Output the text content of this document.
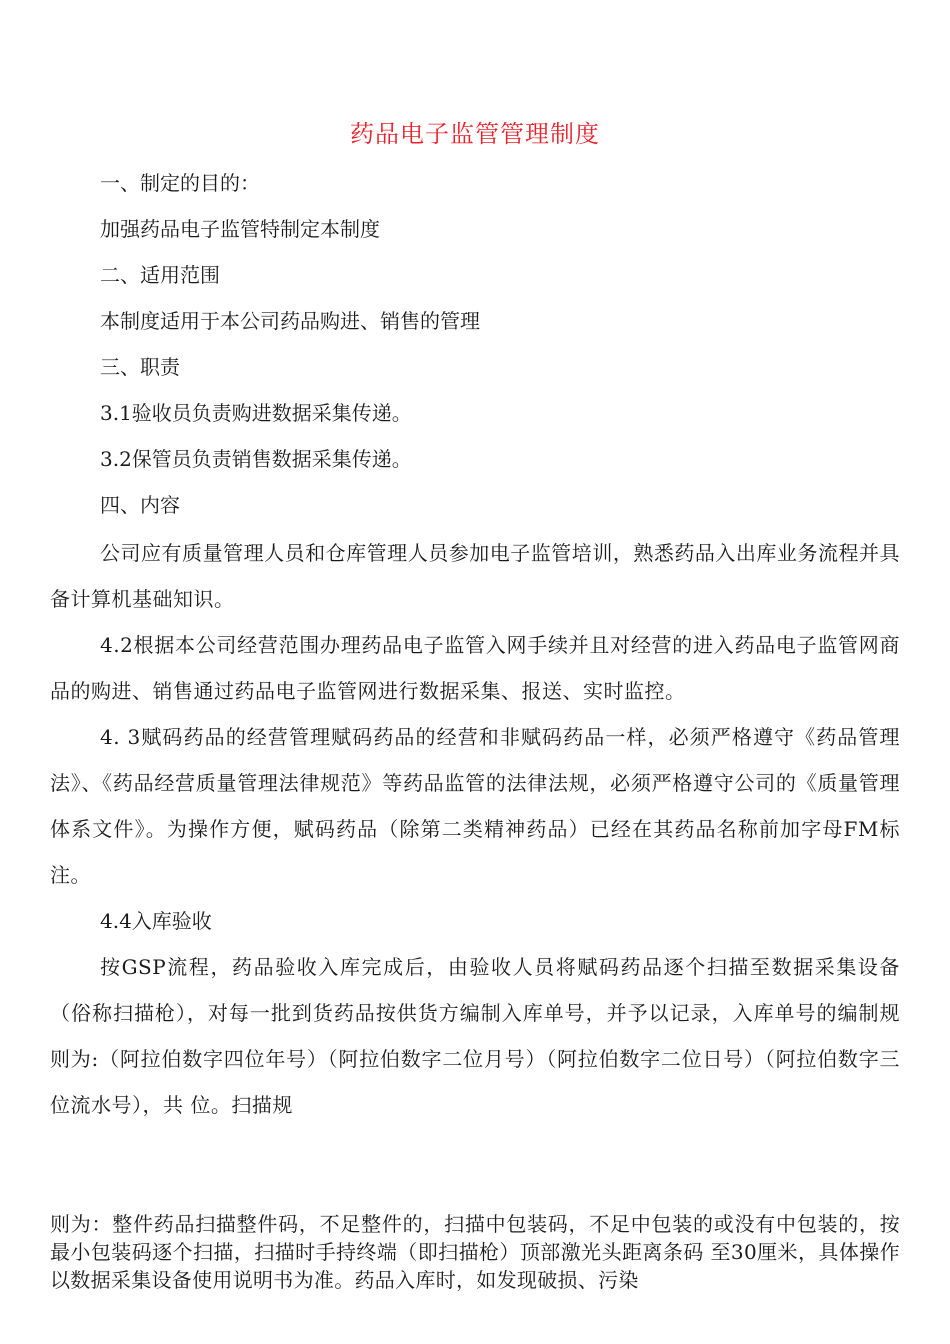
药品电子监管管理制度
一、制定的目的：
加强药品电子监管特制定本制度
二、适用范围
本制度适用于本公司药品购进、销售的管理
三、职责
3.1验收员负责购进数据采集传递。
3.2保管员负责销售数据采集传递。
四、内容
公司应有质量管理人员和仓库管理人员参加电子监管培训，熟悉药品入出库业务流程并具备计算机基础知识。
4.2根据本公司经营范围办理药品电子监管入网手续并且对经营的进入药品电子监管网商品的购进、销售通过药品电子监管网进行数据采集、报送、实时监控。
4. 3赋码药品的经营管理赋码药品的经营和非赋码药品一样，必须严格遵守《药品管理法》、《药品经营质量管理法律规范》等药品监管的法律法规，必须严格遵守公司的《质量管理体系文件》。为操作方便，赋码药品（除第二类精神药品）已经在其药品名称前加字母FM标注。
4.4入库验收
按GSP流程，药品验收入库完成后，由验收人员将赋码药品逐个扫描至数据采集设备（俗称扫描枪），对每一批到货药品按供货方编制入库单号，并予以记录，入库单号的编制规则为:（阿拉伯数字四位年号）（阿拉伯数字二位月号）（阿拉伯数字二位日号）（阿拉伯数字三位流水号），共 位。扫描规
则为：整件药品扫描整件码，不足整件的，扫描中包装码，不足中包装的或没有中包装的，按最小包装码逐个扫描，扫描时手持终端（即扫描枪）顶部激光头距离条码 至30厘米，具体操作以数据采集设备使用说明书为准。药品入库时，如发现破损、污染
